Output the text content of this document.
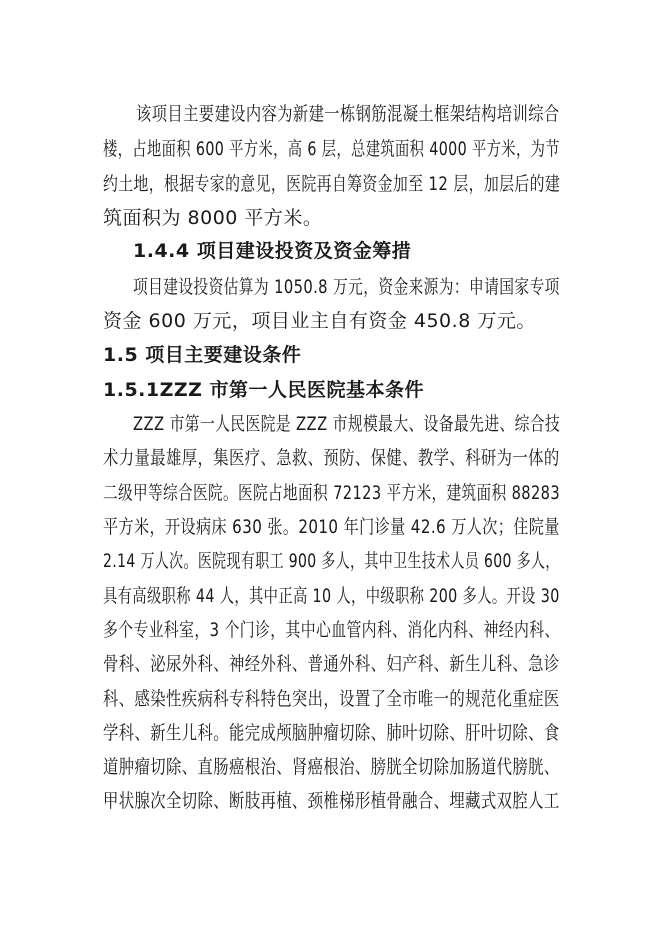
该项目主要建设内容为新建一栋钢筋混凝土框架结构培训综合
楼，占地面积 600 平方米，高 6 层，总建筑面积 4000 平方米，为节
约土地，根据专家的意见，医院再自筹资金加至 12 层，加层后的建
筑面积为 8000 平方米。
1.4.4 项目建设投资及资金筹措
项目建设投资估算为 1050.8 万元，资金来源为：申请国家专项
资金 600 万元，项目业主自有资金 450.8 万元。
1.5 项目主要建设条件
1.5.1ZZZ 市第一人民医院基本条件
ZZZ 市第一人民医院是 ZZZ 市规模最大、设备最先进、综合技
术力量最雄厚，集医疗、急救、预防、保健、教学、科研为一体的
二级甲等综合医院。医院占地面积 72123 平方米，建筑面积 88283
平方米，开设病床 630 张。2010 年门诊量 42.6 万人次；住院量
2.14 万人次。医院现有职工 900 多人，其中卫生技术人员 600 多人，
具有高级职称 44 人，其中正高 10 人，中级职称 200 多人。开设 30
多个专业科室，3 个门诊，其中心血管内科、消化内科、神经内科、
骨科、泌尿外科、神经外科、普通外科、妇产科、新生儿科、急诊
科、感染性疾病科专科特色突出，设置了全市唯一的规范化重症医
学科、新生儿科。能完成颅脑肿瘤切除、肺叶切除、肝叶切除、食
道肿瘤切除、直肠癌根治、肾癌根治、膀胱全切除加肠道代膀胱、
甲状腺次全切除、断肢再植、颈椎梯形植骨融合、埋藏式双腔人工
